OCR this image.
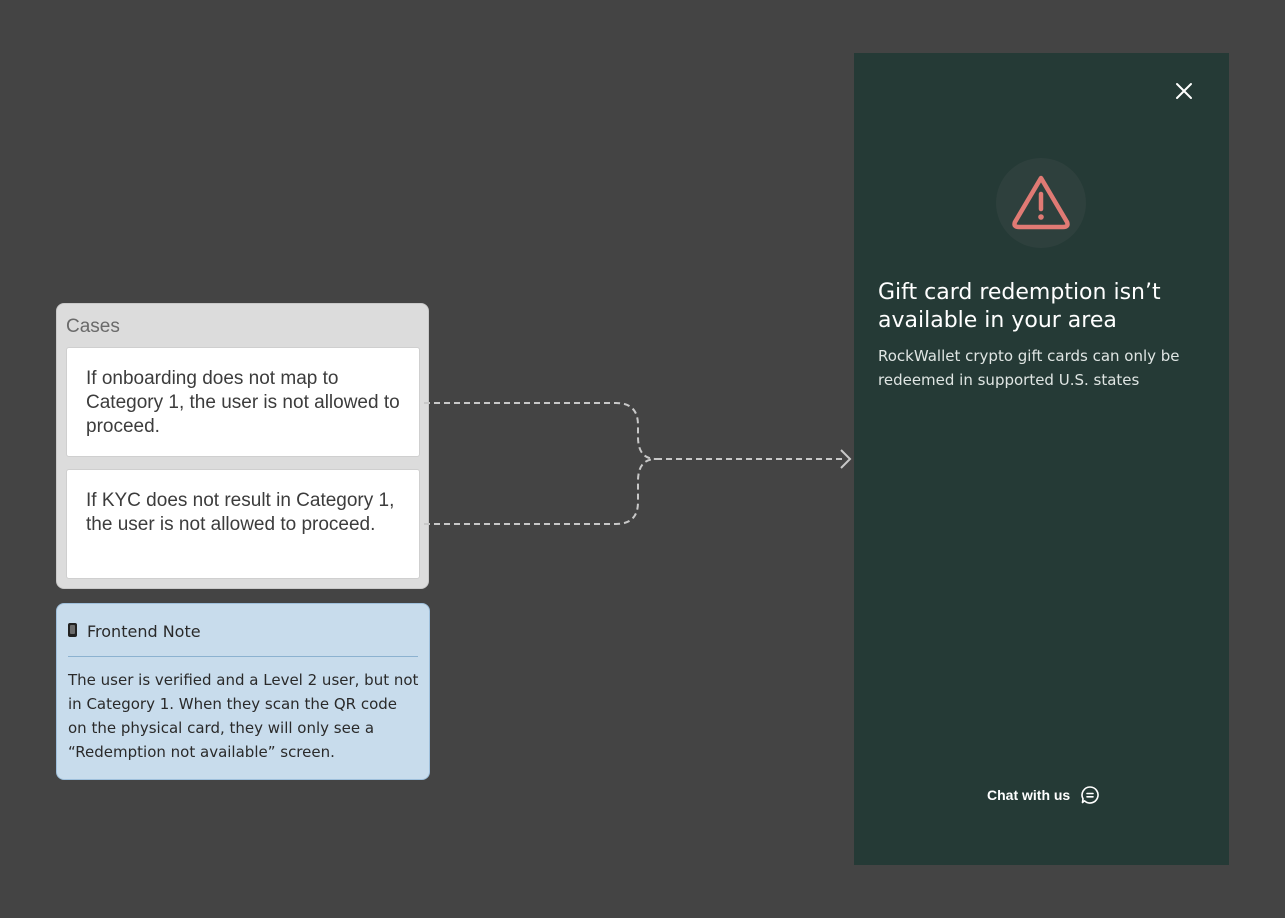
Cases
If onboarding does not map to Category 1, the user is not allowed to proceed.
If KYC does not result in Category 1, the user is not allowed to proceed.
Frontend Note
The user is verified and a Level 2 user, but not in Category 1. When they scan the QR code on the physical card, they will only see a “Redemption not available” screen.
Gift card redemption isn’t available in your area
RockWallet crypto gift cards can only be redeemed in supported U.S. states
Chat with us
